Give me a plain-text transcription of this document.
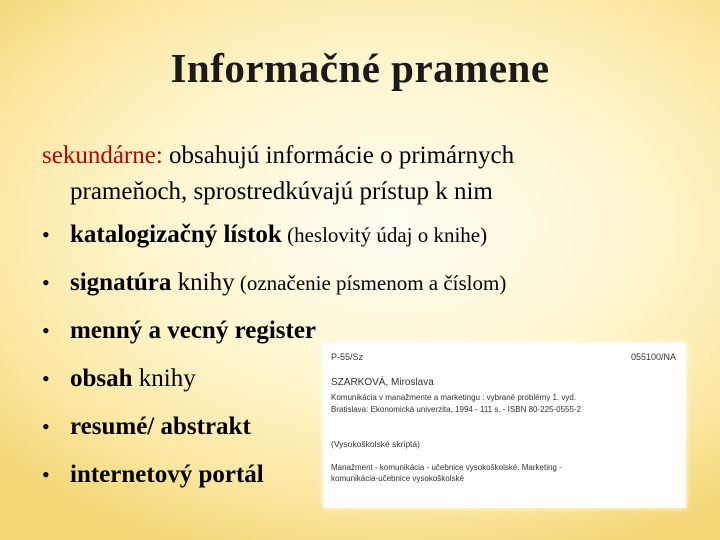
Informačné pramene
sekundárne: obsahujú informácie o primárnych
prameňoch, sprostredkúvajú prístup k nim
• katalogizačný lístok (heslovitý údaj o knihe)
• signatúra knihy (označenie písmenom a číslom)
• menný a vecný register
• obsah knihy
• resumé/ abstrakt
• internetový portál
P-55/Sz	055100/NA
SZARKOVÁ, Miroslava
Komunikácia v manažmente a marketingu : vybrané problémy 1. vyd.
Bratislava: Ekonomická univerzita, 1994 - 111 s. - ISBN 80-225-0555-2
(Vysokoškolské skriptá)
Manažment - komunikácia - učebnice vysokoškolské. Marketing -
komunikácia-učebnice vysokoškolské
